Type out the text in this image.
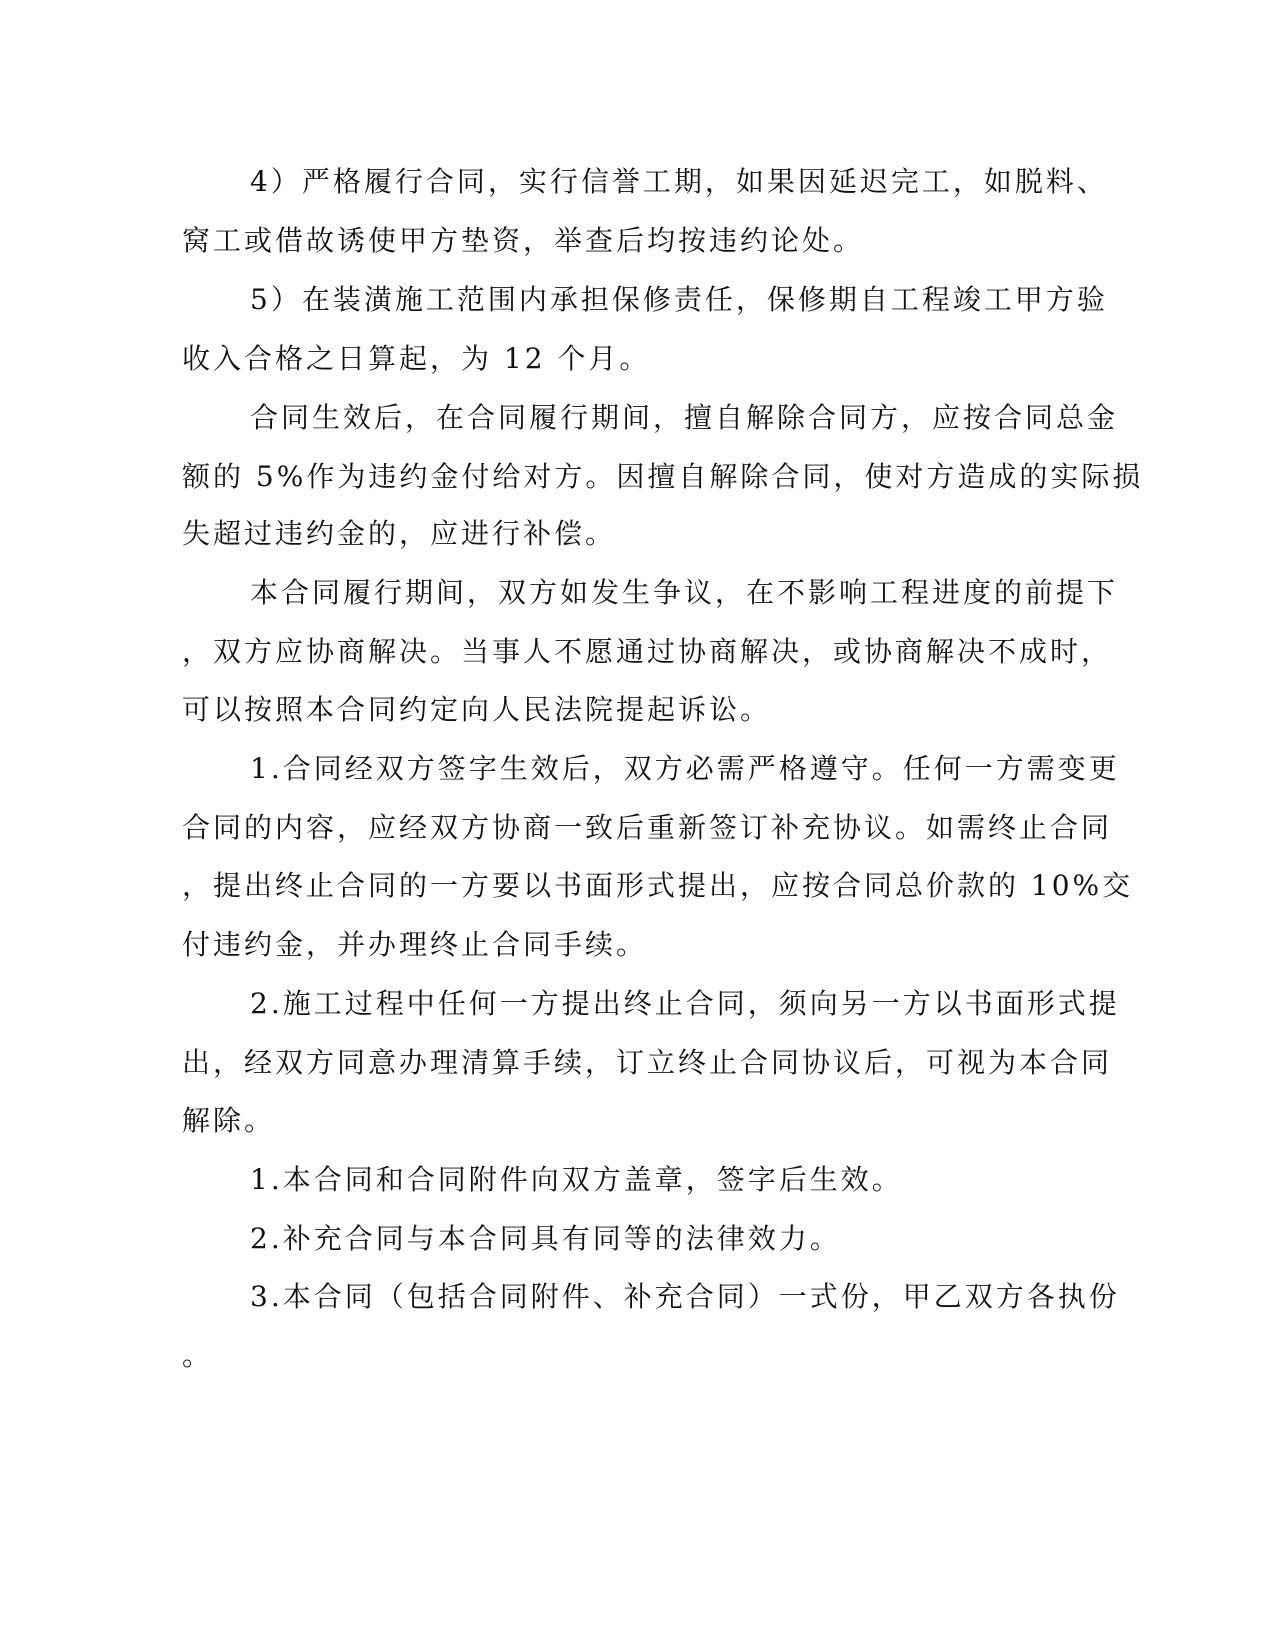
4）严格履行合同，实行信誉工期，如果因延迟完工，如脱料、

窝工或借故诱使甲方垫资，举查后均按违约论处。

5）在装潢施工范围内承担保修责任，保修期自工程竣工甲方验

收入合格之日算起，为 12 个月。

合同生效后，在合同履行期间，擅自解除合同方，应按合同总金

额的 5%作为违约金付给对方。因擅自解除合同，使对方造成的实际损

失超过违约金的，应进行补偿。

本合同履行期间，双方如发生争议，在不影响工程进度的前提下

，双方应协商解决。当事人不愿通过协商解决，或协商解决不成时，

可以按照本合同约定向人民法院提起诉讼。

1.合同经双方签字生效后，双方必需严格遵守。任何一方需变更

合同的内容，应经双方协商一致后重新签订补充协议。如需终止合同

，提出终止合同的一方要以书面形式提出，应按合同总价款的 10%交

付违约金，并办理终止合同手续。

2.施工过程中任何一方提出终止合同，须向另一方以书面形式提

出，经双方同意办理清算手续，订立终止合同协议后，可视为本合同

解除。

1.本合同和合同附件向双方盖章，签字后生效。

2.补充合同与本合同具有同等的法律效力。

3.本合同（包括合同附件、补充合同）一式份，甲乙双方各执份

。
